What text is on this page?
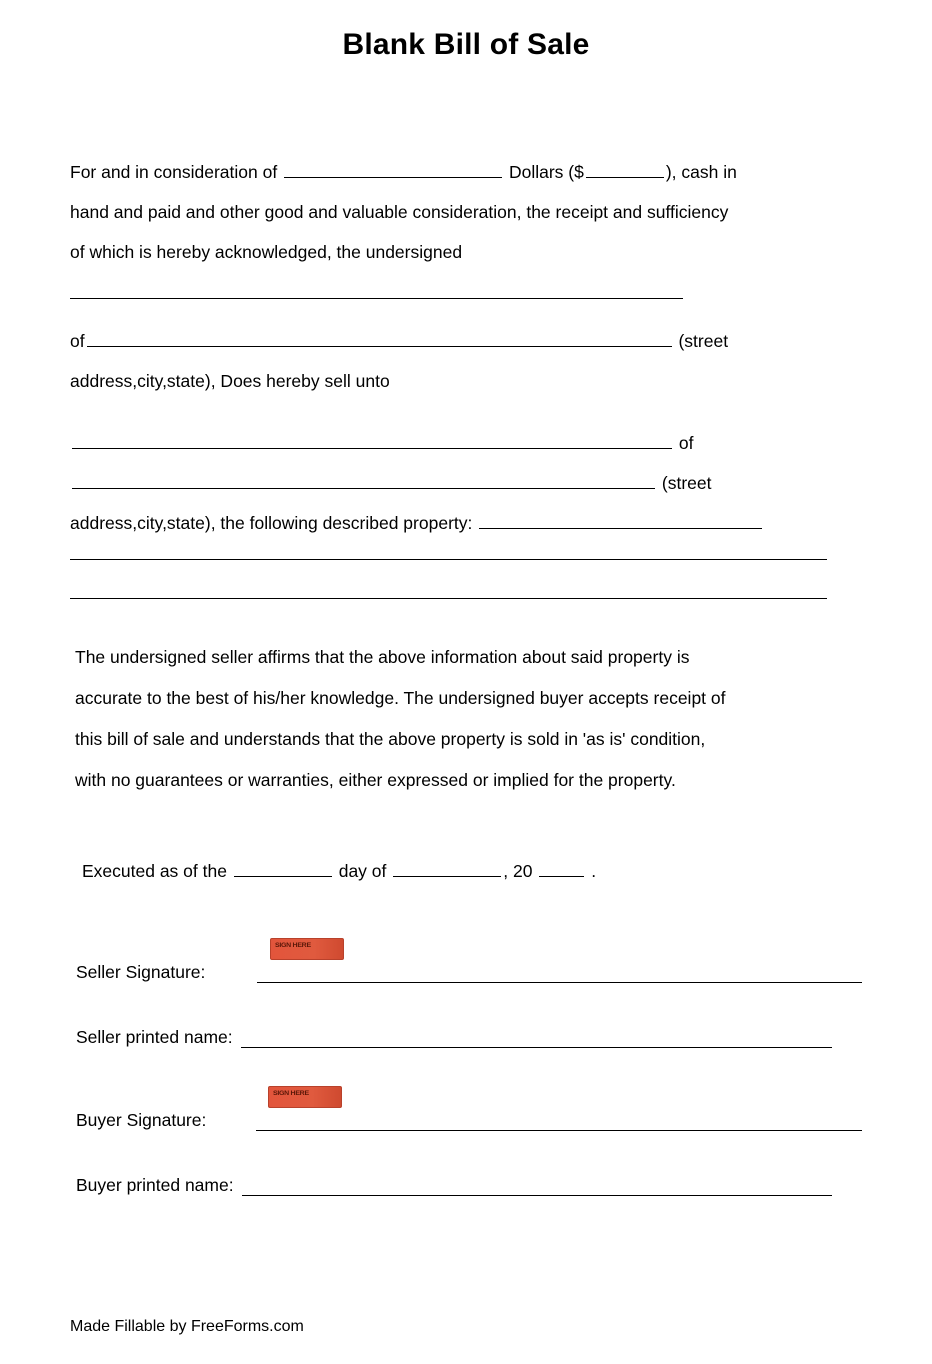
Blank Bill of Sale
For and in consideration of	Dollars ($	), cash in
hand and paid and other good and valuable consideration, the receipt and sufficiency
of which is hereby acknowledged, the undersigned
of	(street
address,city,state), Does hereby sell unto
of
(street
address,city,state), the following described property:
The undersigned seller affirms that the above information about said property is
accurate to the best of his/her knowledge. The undersigned buyer accepts receipt of
this bill of sale and understands that the above property is sold in 'as is' condition,
with no guarantees or warranties, either expressed or implied for the property.
Executed as of the	day of	, 20	.
SIGN HERE
Seller Signature:
Seller printed name:
SIGN HERE
Buyer Signature:
Buyer printed name:
Made Fillable by FreeForms.com
